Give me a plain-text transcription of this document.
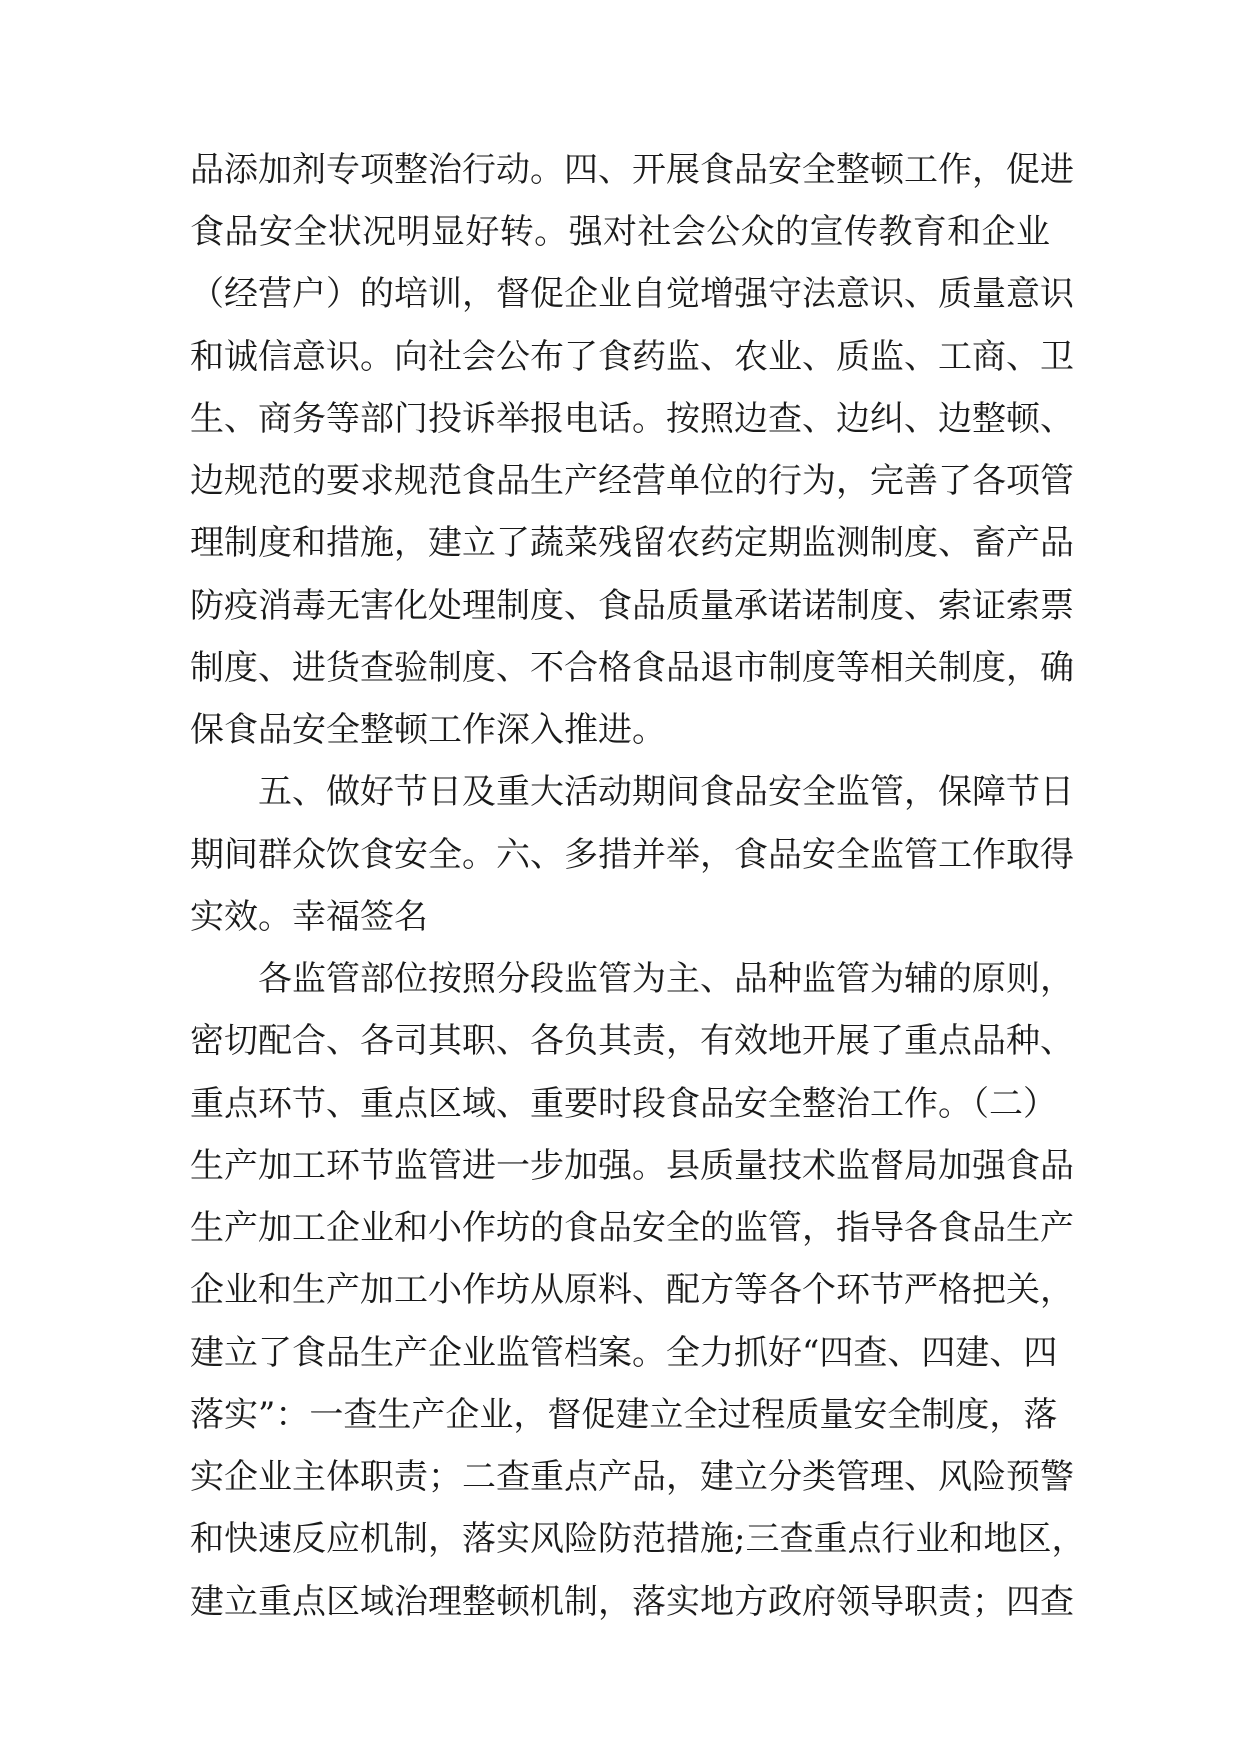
品添加剂专项整治行动。四、开展食品安全整顿工作，促进
食品安全状况明显好转。强对社会公众的宣传教育和企业
（经营户）的培训，督促企业自觉增强守法意识、质量意识
和诚信意识。向社会公布了食药监、农业、质监、工商、卫
生、商务等部门投诉举报电话。按照边查、边纠、边整顿、
边规范的要求规范食品生产经营单位的行为，完善了各项管
理制度和措施，建立了蔬菜残留农药定期监测制度、畜产品
防疫消毒无害化处理制度、食品质量承诺诺制度、索证索票
制度、进货查验制度、不合格食品退市制度等相关制度，确
保食品安全整顿工作深入推进。
五、做好节日及重大活动期间食品安全监管，保障节日
期间群众饮食安全。六、多措并举，食品安全监管工作取得
实效。幸福签名
各监管部位按照分段监管为主、品种监管为辅的原则，
密切配合、各司其职、各负其责，有效地开展了重点品种、
重点环节、重点区域、重要时段食品安全整治工作。（二）
生产加工环节监管进一步加强。县质量技术监督局加强食品
生产加工企业和小作坊的食品安全的监管，指导各食品生产
企业和生产加工小作坊从原料、配方等各个环节严格把关，
建立了食品生产企业监管档案。全力抓好“四查、四建、四
落实”：一查生产企业，督促建立全过程质量安全制度，落
实企业主体职责；二查重点产品，建立分类管理、风险预警
和快速反应机制，落实风险防范措施;三查重点行业和地区，
建立重点区域治理整顿机制，落实地方政府领导职责；四查
